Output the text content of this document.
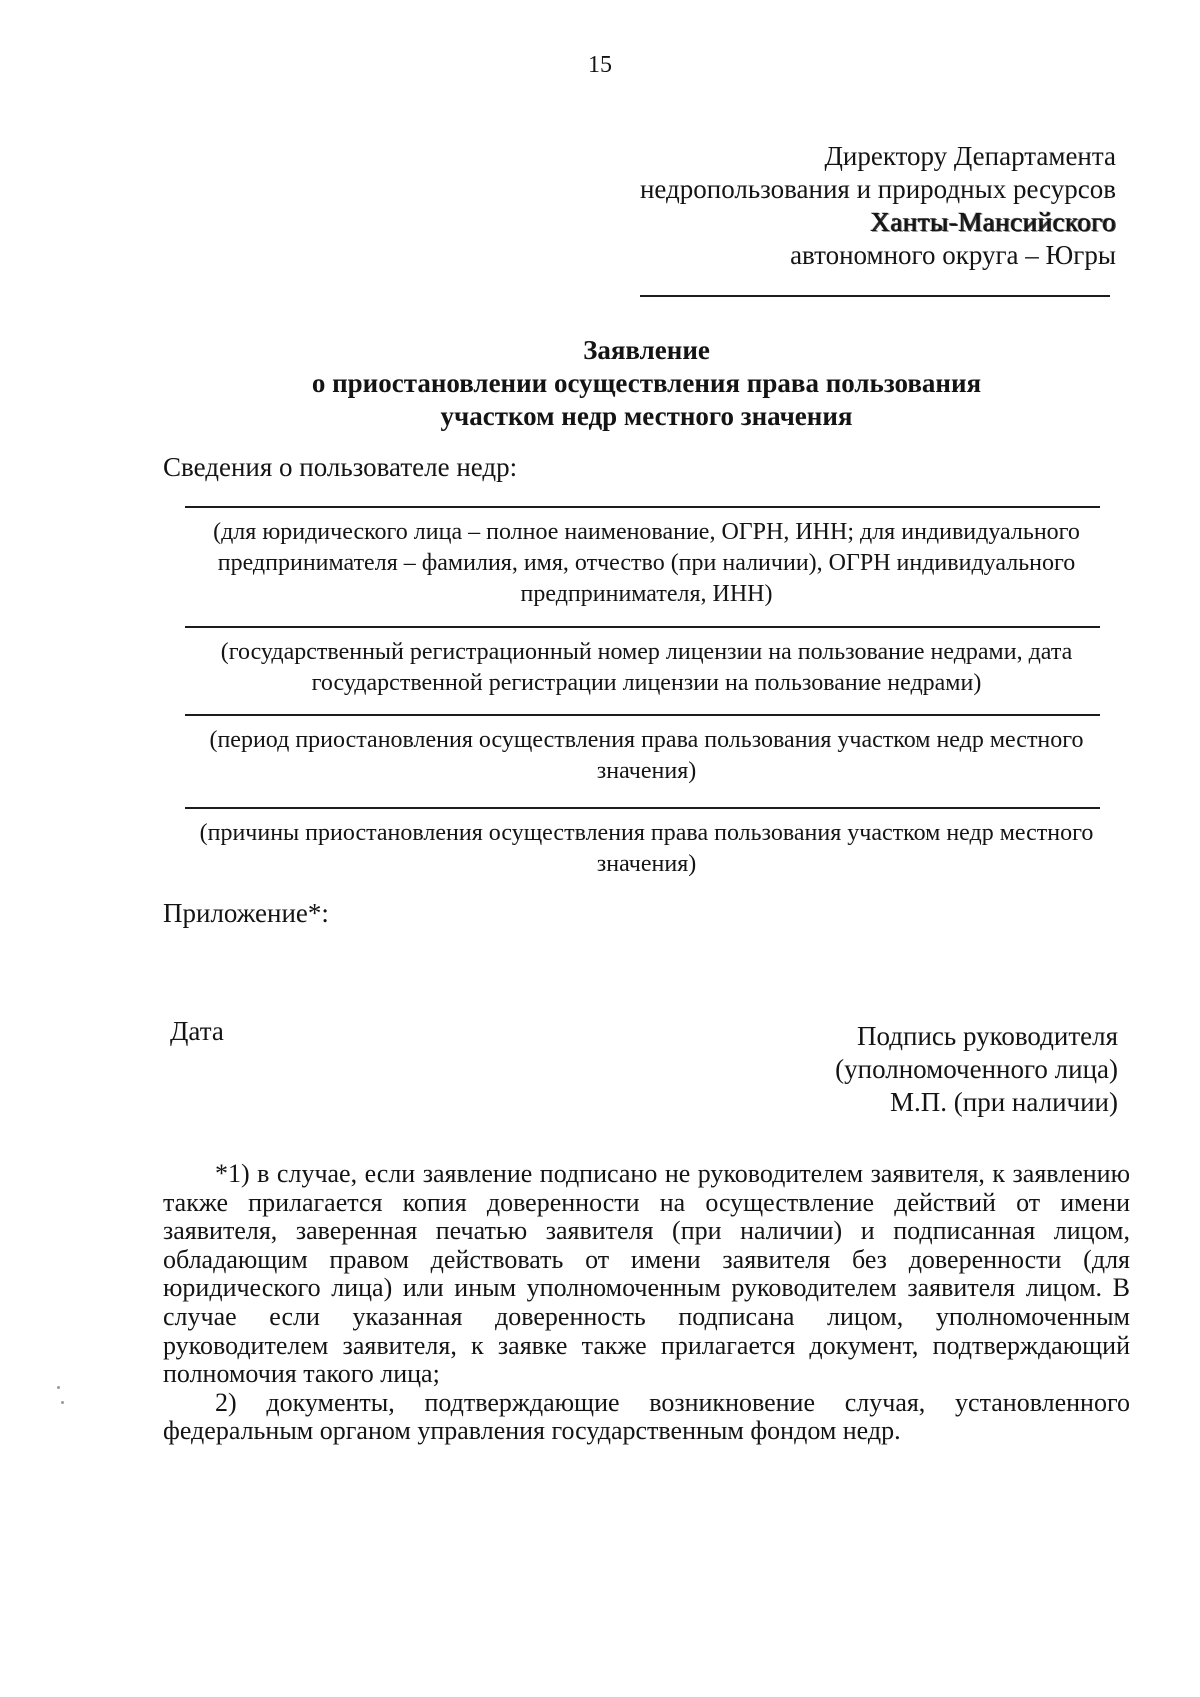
15
Директору Департамента
недропользования и природных ресурсов
Ханты-Мансийского
автономного округа – Югры
Заявление
о приостановлении осуществления права пользования
участком недр местного значения
Сведения о пользователе недр:
(для юридического лица – полное наименование, ОГРН, ИНН; для индивидуального
предпринимателя – фамилия, имя, отчество (при наличии), ОГРН индивидуального
предпринимателя, ИНН)
(государственный регистрационный номер лицензии на пользование недрами, дата
государственной регистрации лицензии на пользование недрами)
(период приостановления осуществления права пользования участком недр местного
значения)
(причины приостановления осуществления права пользования участком недр местного
значения)
Приложение*:
Дата	Подпись руководителя
(уполномоченного лица)
М.П. (при наличии)

*1) в случае, если заявление подписано не руководителем заявителя, к заявлению также прилагается копия доверенности на осуществление действий от имени заявителя, заверенная печатью заявителя (при наличии) и подписанная лицом, обладающим правом действовать от имени заявителя без доверенности (для юридического лица) или иным уполномоченным руководителем заявителя лицом. В случае если указанная доверенность подписана лицом, уполномоченным руководителем заявителя, к заявке также прилагается документ, подтверждающий полномочия такого лица;

2) документы, подтверждающие возникновение случая, установленного федеральным органом управления государственным фондом недр.
